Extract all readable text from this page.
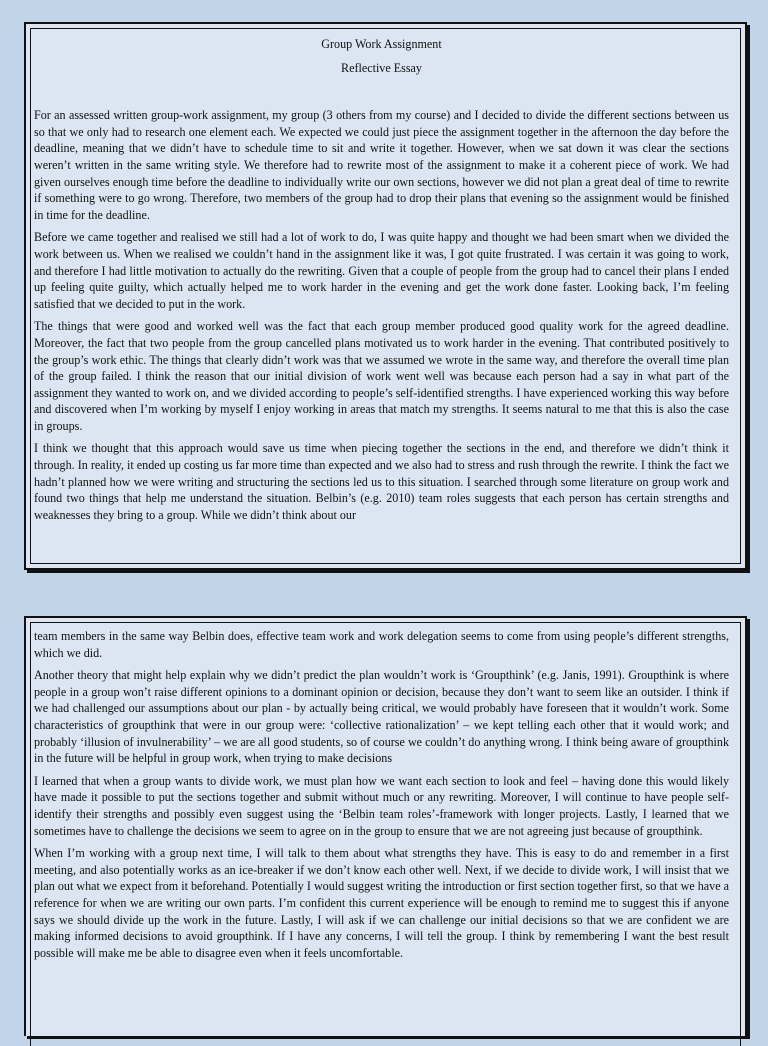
Group Work Assignment

Reflective Essay

For an assessed written group-work assignment, my group (3 others from my course) and I decided to divide the different sections between us so that we only had to research one element each. We expected we could just piece the assignment together in the afternoon the day before the deadline, meaning that we didn’t have to schedule time to sit and write it together. However, when we sat down it was clear the sections weren’t written in the same writing style. We therefore had to rewrite most of the assignment to make it a coherent piece of work. We had given ourselves enough time before the deadline to individually write our own sections, however we did not plan a great deal of time to rewrite if something were to go wrong. Therefore, two members of the group had to drop their plans that evening so the assignment would be finished in time for the deadline.

Before we came together and realised we still had a lot of work to do, I was quite happy and thought we had been smart when we divided the work between us. When we realised we couldn’t hand in the assignment like it was, I got quite frustrated. I was certain it was going to work, and therefore I had little motivation to actually do the rewriting. Given that a couple of people from the group had to cancel their plans I ended up feeling quite guilty, which actually helped me to work harder in the evening and get the work done faster. Looking back, I’m feeling satisfied that we decided to put in the work.

The things that were good and worked well was the fact that each group member produced good quality work for the agreed deadline. Moreover, the fact that two people from the group cancelled plans motivated us to work harder in the evening. That contributed positively to the group’s work ethic. The things that clearly didn’t work was that we assumed we wrote in the same way, and therefore the overall time plan of the group failed. I think the reason that our initial division of work went well was because each person had a say in what part of the assignment they wanted to work on, and we divided according to people’s self-identified strengths. I have experienced working this way before and discovered when I’m working by myself I enjoy working in areas that match my strengths. It seems natural to me that this is also the case in groups.

I think we thought that this approach would save us time when piecing together the sections in the end, and therefore we didn’t think it through. In reality, it ended up costing us far more time than expected and we also had to stress and rush through the rewrite. I think the fact we hadn’t planned how we were writing and structuring the sections led us to this situation. I searched through some literature on group work and found two things that help me understand the situation. Belbin’s (e.g. 2010) team roles suggests that each person has certain strengths and weaknesses they bring to a group. While we didn’t think about our

team members in the same way Belbin does, effective team work and work delegation seems to come from using people’s different strengths, which we did.

Another theory that might help explain why we didn’t predict the plan wouldn’t work is ‘Groupthink’ (e.g. Janis, 1991). Groupthink is where people in a group won’t raise different opinions to a dominant opinion or decision, because they don’t want to seem like an outsider. I think if we had challenged our assumptions about our plan - by actually being critical, we would probably have foreseen that it wouldn’t work. Some characteristics of groupthink that were in our group were: ‘collective rationalization’ – we kept telling each other that it would work; and probably ‘illusion of invulnerability’ – we are all good students, so of course we couldn’t do anything wrong. I think being aware of groupthink in the future will be helpful in group work, when trying to make decisions

I learned that when a group wants to divide work, we must plan how we want each section to look and feel – having done this would likely have made it possible to put the sections together and submit without much or any rewriting. Moreover, I will continue to have people self-identify their strengths and possibly even suggest using the ‘Belbin team roles’-framework with longer projects. Lastly, I learned that we sometimes have to challenge the decisions we seem to agree on in the group to ensure that we are not agreeing just because of groupthink.

When I’m working with a group next time, I will talk to them about what strengths they have. This is easy to do and remember in a first meeting, and also potentially works as an ice-breaker if we don’t know each other well. Next, if we decide to divide work, I will insist that we plan out what we expect from it beforehand. Potentially I would suggest writing the introduction or first section together first, so that we have a reference for when we are writing our own parts. I’m confident this current experience will be enough to remind me to suggest this if anyone says we should divide up the work in the future. Lastly, I will ask if we can challenge our initial decisions so that we are confident we are making informed decisions to avoid groupthink. If I have any concerns, I will tell the group. I think by remembering I want the best result possible will make me be able to disagree even when it feels uncomfortable.
